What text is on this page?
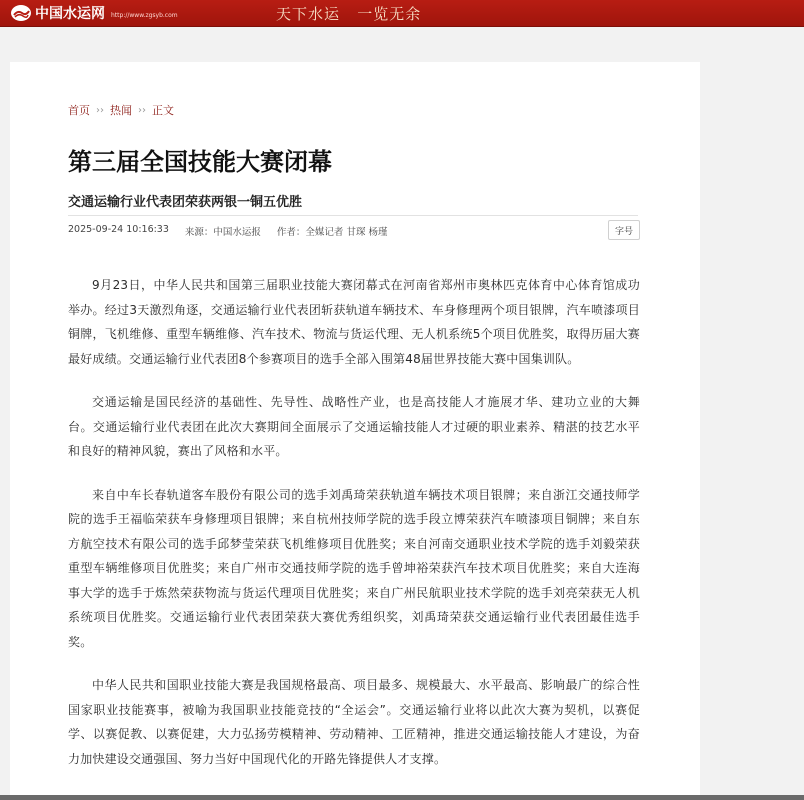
中国水运网 http://www.zgsyb.com	天下水运   一览无余
首页 ›› 热闻 ›› 正文
第三届全国技能大赛闭幕
交通运输行业代表团荣获两银一铜五优胜
2025-09-24 10:16:33 来源：中国水运报 作者：全媒记者 甘琛 杨瑾	字号

9月23日，中华人民共和国第三届职业技能大赛闭幕式在河南省郑州市奥林匹克体育中心体育馆成功举办。经过3天激烈角逐，交通运输行业代表团斩获轨道车辆技术、车身修理两个项目银牌，汽车喷漆项目铜牌，飞机维修、重型车辆维修、汽车技术、物流与货运代理、无人机系统5个项目优胜奖，取得历届大赛最好成绩。交通运输行业代表团8个参赛项目的选手全部入围第48届世界技能大赛中国集训队。

交通运输是国民经济的基础性、先导性、战略性产业，也是高技能人才施展才华、建功立业的大舞台。交通运输行业代表团在此次大赛期间全面展示了交通运输技能人才过硬的职业素养、精湛的技艺水平和良好的精神风貌，赛出了风格和水平。

来自中车长春轨道客车股份有限公司的选手刘禹琦荣获轨道车辆技术项目银牌；来自浙江交通技师学院的选手王福临荣获车身修理项目银牌；来自杭州技师学院的选手段立博荣获汽车喷漆项目铜牌；来自东方航空技术有限公司的选手邱梦莹荣获飞机维修项目优胜奖；来自河南交通职业技术学院的选手刘毅荣获重型车辆维修项目优胜奖；来自广州市交通技师学院的选手曾坤裕荣获汽车技术项目优胜奖；来自大连海事大学的选手于炼然荣获物流与货运代理项目优胜奖；来自广州民航职业技术学院的选手刘亮荣获无人机系统项目优胜奖。交通运输行业代表团荣获大赛优秀组织奖，刘禹琦荣获交通运输行业代表团最佳选手奖。

中华人民共和国职业技能大赛是我国规格最高、项目最多、规模最大、水平最高、影响最广的综合性国家职业技能赛事，被喻为我国职业技能竞技的“全运会”。交通运输行业将以此次大赛为契机，以赛促学、以赛促教、以赛促建，大力弘扬劳模精神、劳动精神、工匠精神，推进交通运输技能人才建设，为奋力加快建设交通强国、努力当好中国现代化的开路先锋提供人才支撑。
